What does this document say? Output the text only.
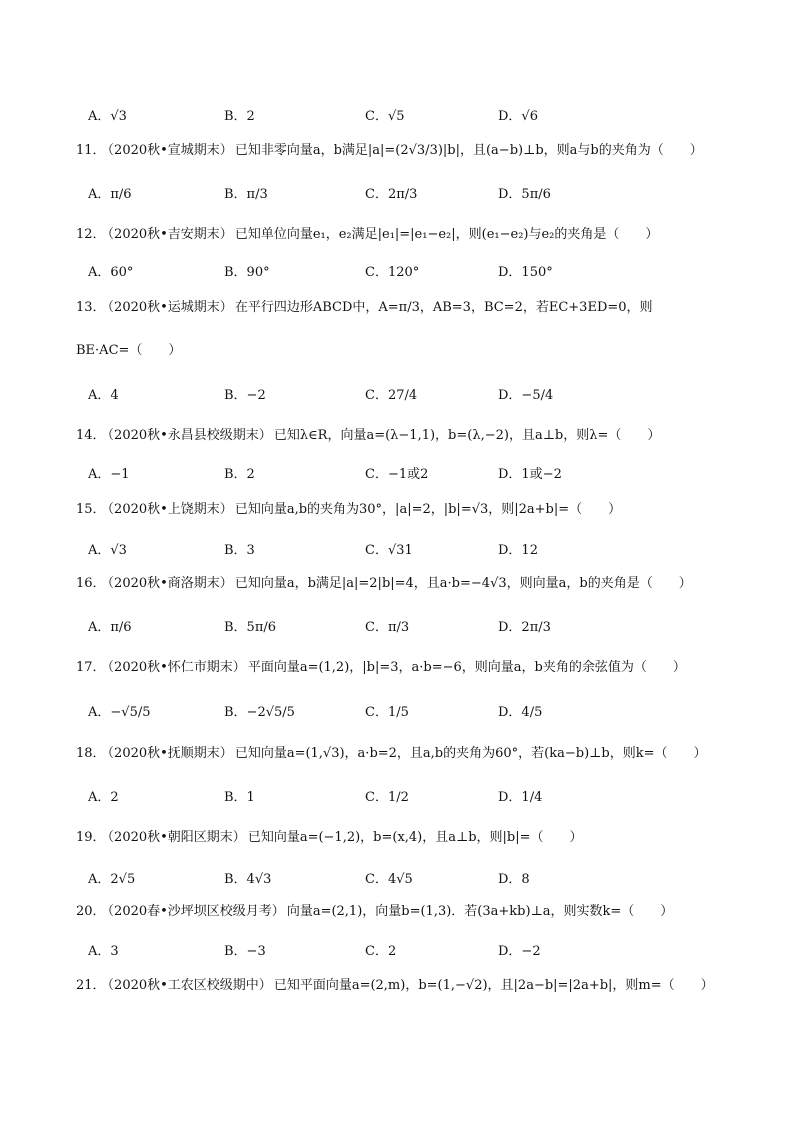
A．√3	B．2	C．√5	D．√6
11． （2020秋•宣城期末） 已知非零向量a，b满足|a|=(2√3/3)|b|，且(a−b)⊥b，则a与b的夹角为（　　）
A．π/6	B．π/3	C．2π/3	D．5π/6
12． （2020秋•吉安期末） 已知单位向量e₁，e₂满足|e₁|=|e₁−e₂|，则(e₁−e₂)与e₂的夹角是（　　）
A．60°	B．90°	C．120°	D．150°
13． （2020秋•运城期末） 在平行四边形ABCD中，A=π/3，AB=3，BC=2，若EC+3ED=0，则
BE·AC=（　　）
A．4	B．−2	C．27/4	D．−5/4
14． （2020秋•永昌县校级期末） 已知λ∈R，向量a=(λ−1,1)，b=(λ,−2)，且a⊥b，则λ=（　　）
A．−1	B．2	C．−1或2	D．1或−2
15． （2020秋•上饶期末） 已知向量a,b的夹角为30°，|a|=2，|b|=√3，则|2a+b|=（　　）
A．√3	B．3	C．√31	D．12
16． （2020秋•商洛期末） 已知向量a，b满足|a|=2|b|=4，且a·b=−4√3，则向量a，b的夹角是（　　）
A．π/6	B．5π/6	C．π/3	D．2π/3
17． （2020秋•怀仁市期末） 平面向量a=(1,2)，|b|=3，a·b=−6，则向量a，b夹角的余弦值为（　　）
A．−√5/5	B．−2√5/5	C．1/5	D．4/5
18． （2020秋•抚顺期末） 已知向量a=(1,√3)，a·b=2，且a,b的夹角为60°，若(ka−b)⊥b，则k=（　　）
A．2	B．1	C．1/2	D．1/4
19． （2020秋•朝阳区期末） 已知向量a=(−1,2)，b=(x,4)，且a⊥b，则|b|=（　　）
A．2√5	B．4√3	C．4√5	D．8
20． （2020春•沙坪坝区校级月考） 向量a=(2,1)，向量b=(1,3)．若(3a+kb)⊥a，则实数k=（　　）
A．3	B．−3	C．2	D．−2
21． （2020秋•工农区校级期中） 已知平面向量a=(2,m)，b=(1,−√2)，且|2a−b|=|2a+b|，则m=（　　）
